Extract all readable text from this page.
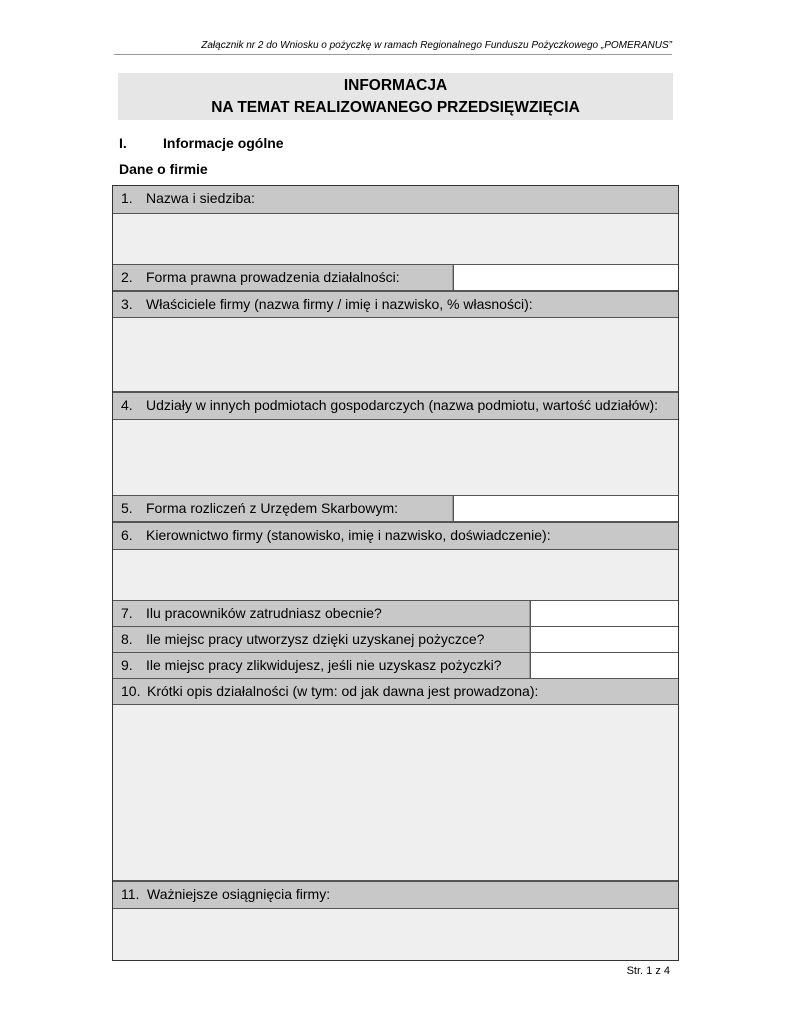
Załącznik nr 2 do Wniosku o pożyczkę w ramach Regionalnego Funduszu Pożyczkowego „POMERANUS”
INFORMACJA
NA TEMAT REALIZOWANEGO PRZEDSIĘWZIĘCIA
I.	Informacje ogólne
Dane o firmie
1. Nazwa i siedziba:
2. Forma prawna prowadzenia działalności:
3. Właściciele firmy (nazwa firmy / imię i nazwisko, % własności):
4. Udziały w innych podmiotach gospodarczych (nazwa podmiotu, wartość udziałów):
5. Forma rozliczeń z Urzędem Skarbowym:
6. Kierownictwo firmy (stanowisko, imię i nazwisko, doświadczenie):
7. Ilu pracowników zatrudniasz obecnie?
8. Ile miejsc pracy utworzysz dzięki uzyskanej pożyczce?
9. Ile miejsc pracy zlikwidujesz, jeśli nie uzyskasz pożyczki?
10. Krótki opis działalności (w tym: od jak dawna jest prowadzona):
11. Ważniejsze osiągnięcia firmy:
Str. 1 z 4
